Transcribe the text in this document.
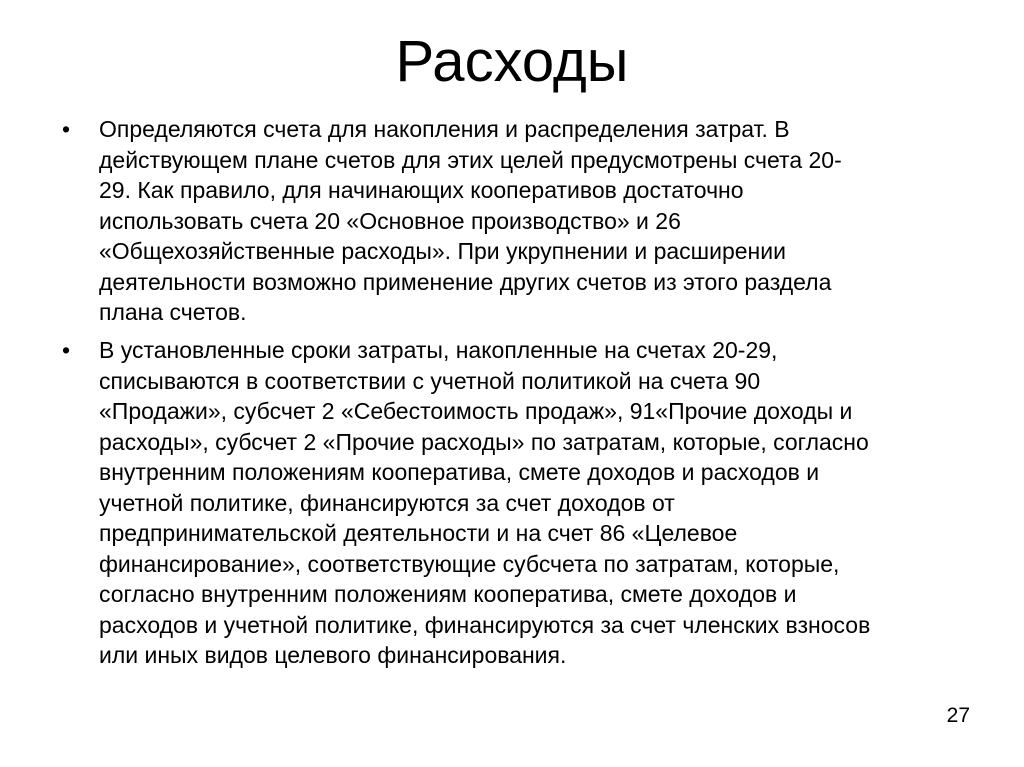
Расходы
•	Определяются счета для накопления и распределения затрат. В
действующем плане счетов для этих целей предусмотрены счета 20-
29. Как правило, для начинающих кооперативов достаточно
использовать счета 20 «Основное производство» и 26
«Общехозяйственные расходы». При укрупнении и расширении
деятельности возможно применение других счетов из этого раздела
плана счетов.
•	В установленные сроки затраты, накопленные на счетах 20-29,
списываются в соответствии с учетной политикой на счета 90
«Продажи», субсчет 2 «Себестоимость продаж», 91«Прочие доходы и
расходы», субсчет 2 «Прочие расходы» по затратам, которые, согласно
внутренним положениям кооператива, смете доходов и расходов и
учетной политике, финансируются за счет доходов от
предпринимательской деятельности и на счет 86 «Целевое
финансирование», соответствующие субсчета по затратам, которые,
согласно внутренним положениям кооператива, смете доходов и
расходов и учетной политике, финансируются за счет членских взносов
или иных видов целевого финансирования.
27
